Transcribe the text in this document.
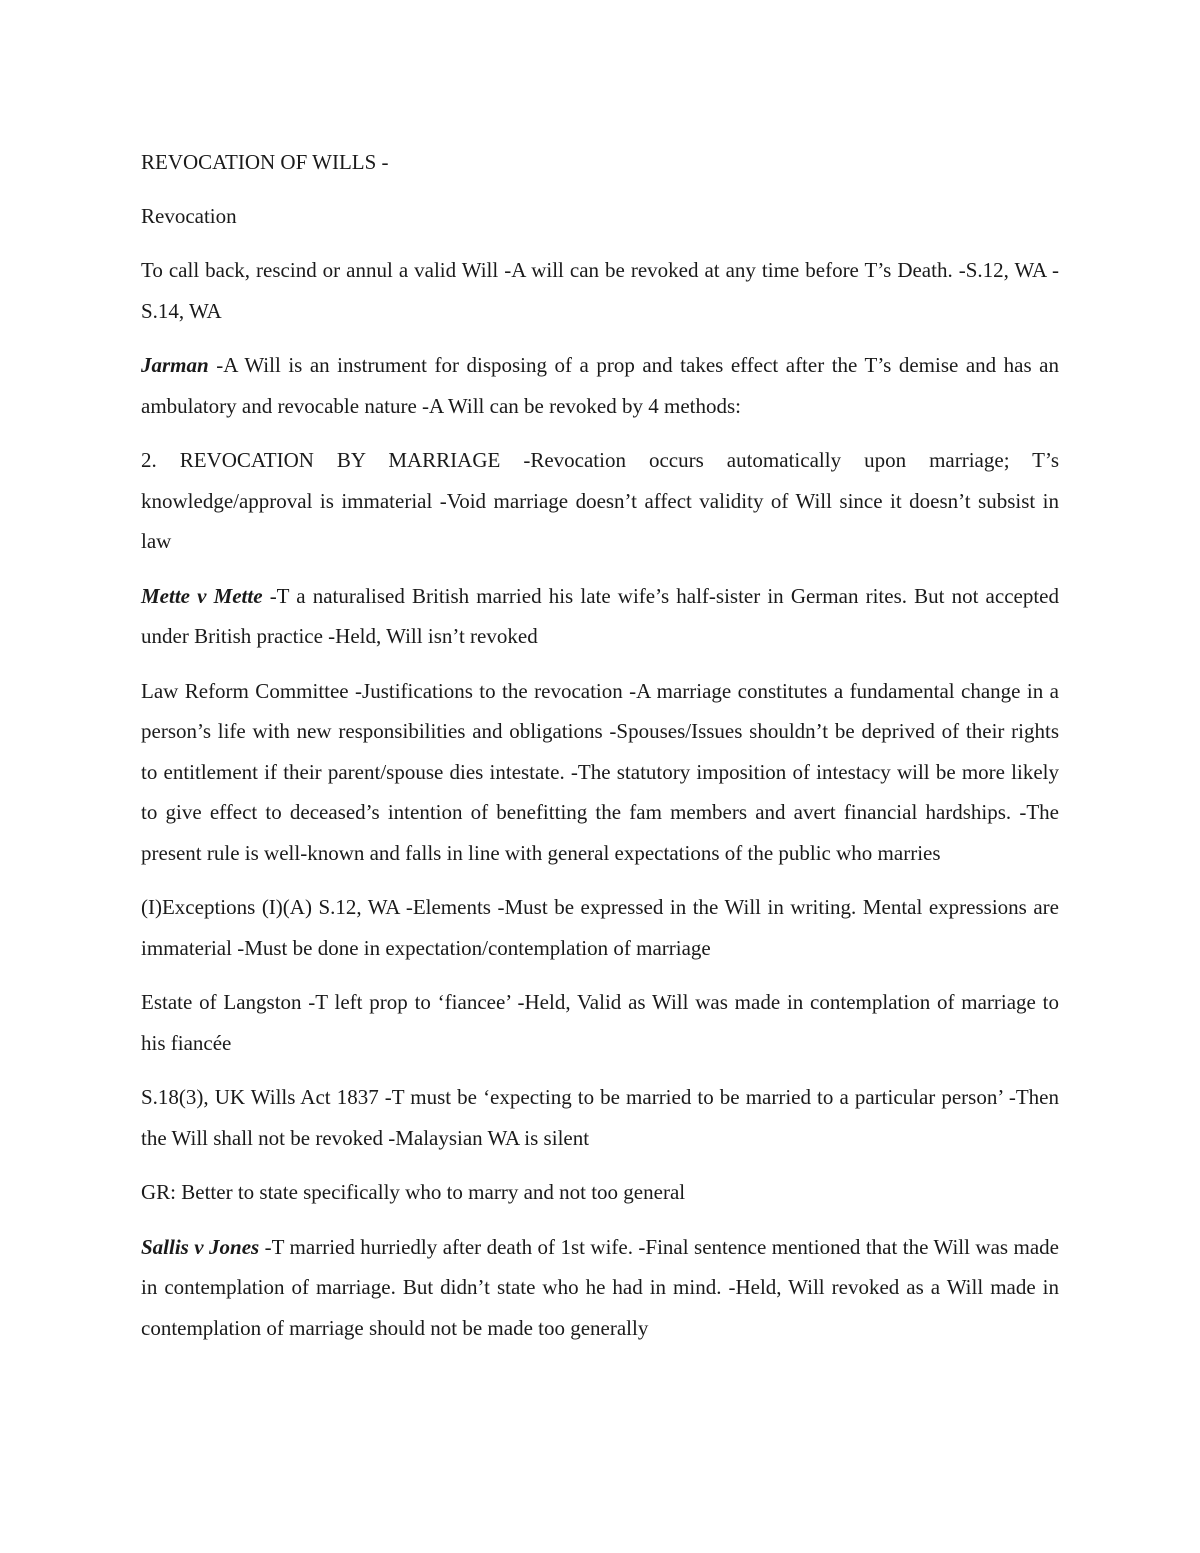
REVOCATION OF WILLS -

Revocation

To call back, rescind or annul a valid Will -A will can be revoked at any time before T’s Death. -S.12, WA -S.14, WA

Jarman -A Will is an instrument for disposing of a prop and takes effect after the T’s demise and has an ambulatory and revocable nature -A Will can be revoked by 4 methods:

2. REVOCATION BY MARRIAGE -Revocation occurs automatically upon marriage; T’s knowledge/approval is immaterial -Void marriage doesn’t affect validity of Will since it doesn’t subsist in law

Mette v Mette -T a naturalised British married his late wife’s half-sister in German rites. But not accepted under British practice -Held, Will isn’t revoked

Law Reform Committee -Justifications to the revocation -A marriage constitutes a fundamental change in a person’s life with new responsibilities and obligations -Spouses/Issues shouldn’t be deprived of their rights to entitlement if their parent/spouse dies intestate. -The statutory imposition of intestacy will be more likely to give effect to deceased’s intention of benefitting the fam members and avert financial hardships. -The present rule is well-known and falls in line with general expectations of the public who marries

(I)Exceptions (I)(A) S.12, WA -Elements -Must be expressed in the Will in writing. Mental expressions are immaterial -Must be done in expectation/contemplation of marriage

Estate of Langston -T left prop to ‘fiancee’ -Held, Valid as Will was made in contemplation of marriage to his fiancée

S.18(3), UK Wills Act 1837 -T must be ‘expecting to be married to be married to a particular person’ -Then the Will shall not be revoked -Malaysian WA is silent

GR: Better to state specifically who to marry and not too general

Sallis v Jones -T married hurriedly after death of 1st wife. -Final sentence mentioned that the Will was made in contemplation of marriage. But didn’t state who he had in mind. -Held, Will revoked as a Will made in contemplation of marriage should not be made too generally
